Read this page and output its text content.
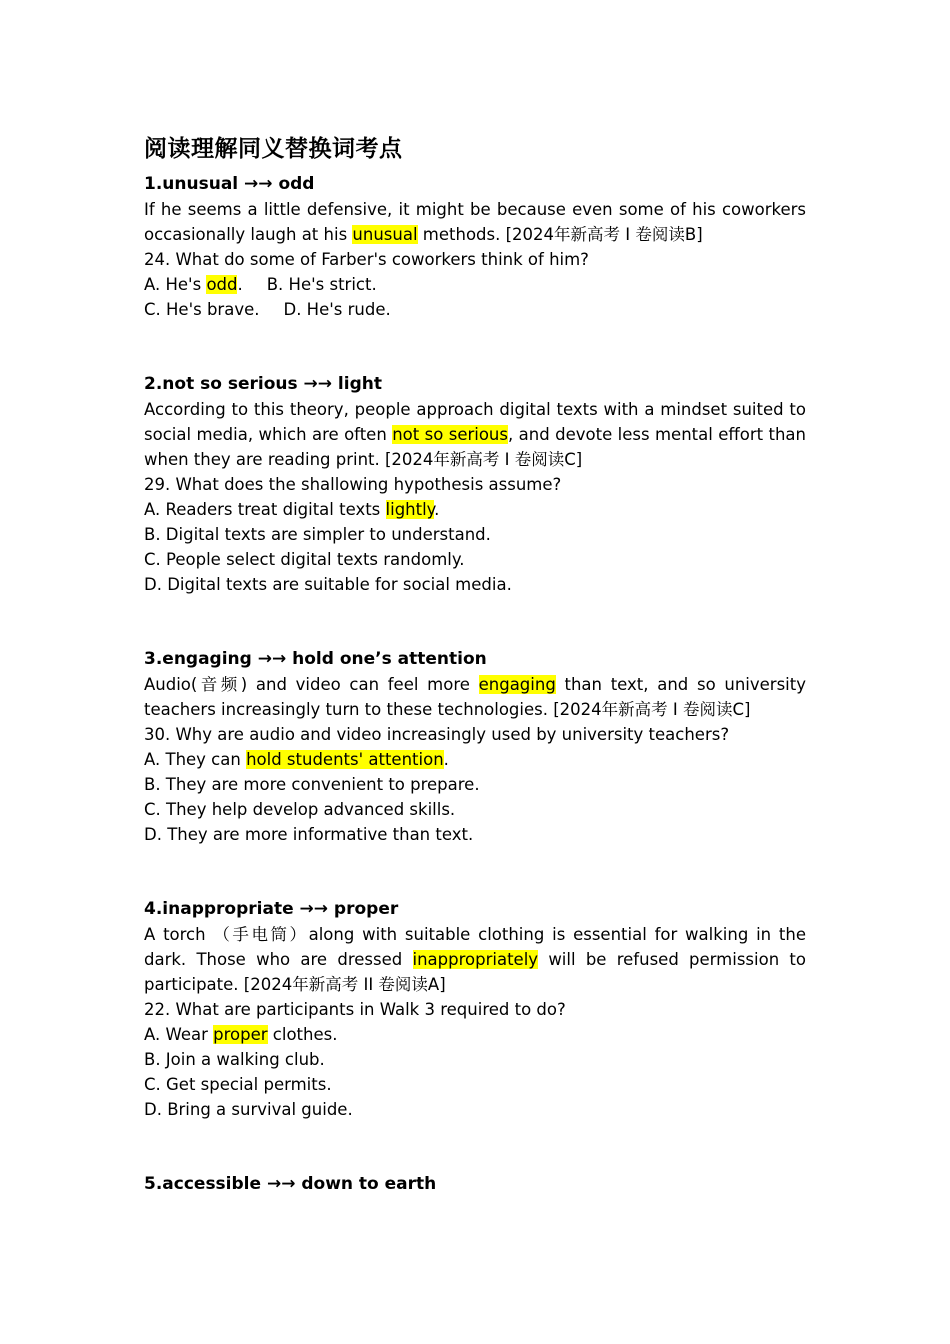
阅读理解同义替换词考点
1.unusual →→ odd
If he seems a little defensive, it might be because even some of his coworkers occasionally laugh at his unusual methods. [2024年新高考 I 卷阅读B]
24. What do some of Farber's coworkers think of him?
A. He's odd. B. He's strict.
C. He's brave. D. He's rude.
2.not so serious →→ light
According to this theory, people approach digital texts with a mindset suited to social media, which are often not so serious, and devote less mental effort than when they are reading print. [2024年新高考 I 卷阅读C]
29. What does the shallowing hypothesis assume?
A. Readers treat digital texts lightly.
B. Digital texts are simpler to understand.
C. People select digital texts randomly.
D. Digital texts are suitable for social media.
3.engaging →→ hold one’s attention
Audio(音频) and video can feel more engaging than text, and so university teachers increasingly turn to these technologies. [2024年新高考 I 卷阅读C]
30. Why are audio and video increasingly used by university teachers?
A. They can hold students' attention.
B. They are more convenient to prepare.
C. They help develop advanced skills.
D. They are more informative than text.
4.inappropriate →→ proper
A torch （手电筒）along with suitable clothing is essential for walking in the dark. Those who are dressed inappropriately will be refused permission to participate. [2024年新高考 II 卷阅读A]
22. What are participants in Walk 3 required to do?
A. Wear proper clothes.
B. Join a walking club.
C. Get special permits.
D. Bring a survival guide.
5.accessible →→ down to earth
